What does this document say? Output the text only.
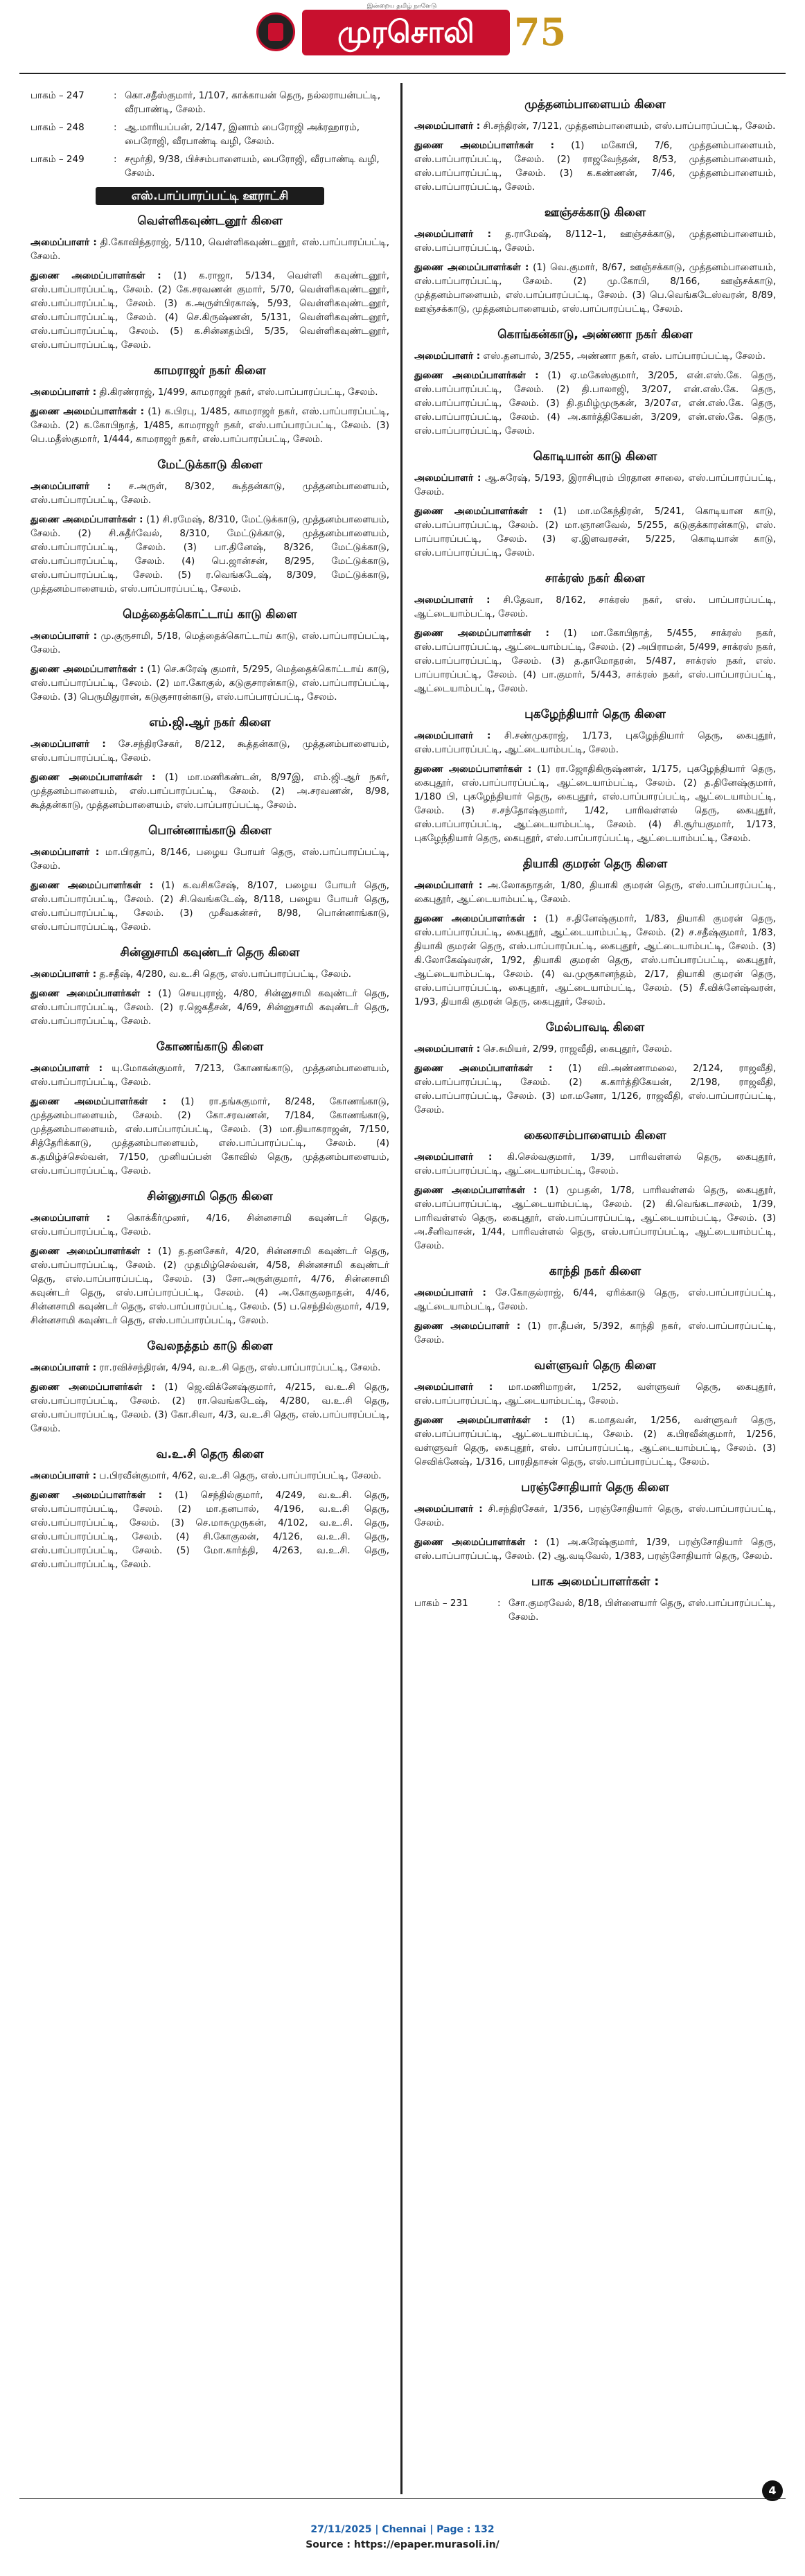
இன்றைய தமிழ் நாளேடு
முரசொலி	75
பாகம் – 247	: கொ.சதீஸ்குமார், 1/107, காக்காயன் தெரு, நல்லராயன்பட்டி, வீரபாண்டி, சேலம்.
பாகம் – 248	: ஆ.மாரியப்பன், 2/147, இனாம் பைரோஜி அக்ரஹாரம், பைரோஜி, வீரபாண்டி வழி, சேலம்.
பாகம் – 249	: சமூர்தி, 9/38, பிச்சம்பாளையம், பைரோஜி, வீரபாண்டி வழி, சேலம்.
எஸ்.பாப்பாரப்பட்டி ஊராட்சி
வெள்ளிகவுண்டனூர் கிளை
அமைப்பாளர் : தி.கோவிந்தராஜ், 5/110, வெள்ளிகவுண்டனூர், எஸ்.பாப்பாரப்பட்டி, சேலம்.
துணை அமைப்பாளர்கள் : (1) க.ராஜா, 5/134, வெள்ளி கவுண்டனூர், எஸ்.பாப்பாரப்பட்டி, சேலம். (2) கே.சரவணன் குமார், 5/70, வெள்ளிகவுண்டனூர், எஸ்.பாப்பாரப்பட்டி, சேலம். (3) க.அருள்பிரகாஷ், 5/93, வெள்ளிகவுண்டனூர், எஸ்.பாப்பாரப்பட்டி, சேலம். (4) செ.கிருஷ்ணன், 5/131, வெள்ளிகவுண்டனூர், எஸ்.பாப்பாரப்பட்டி, சேலம். (5) க.சின்னதம்பி, 5/35, வெள்ளிகவுண்டனூர், எஸ்.பாப்பாரப்பட்டி, சேலம்.
காமராஜர் நகர் கிளை
அமைப்பாளர் : தி.கிரண்ராஜ், 1/499, காமராஜர் நகர், எஸ்.பாப்பாரப்பட்டி, சேலம்.
துணை அமைப்பாளர்கள் : (1) க.பிரபு, 1/485, காமராஜர் நகர், எஸ்.பாப்பாரப்பட்டி, சேலம். (2) க.கோபிநாத், 1/485, காமராஜர் நகர், எஸ்.பாப்பாரப்பட்டி, சேலம். (3) பெ.மதீஸ்குமார், 1/444, காமராஜர் நகர், எஸ்.பாப்பாரப்பட்டி, சேலம்.
மேட்டுக்காடு கிளை
அமைப்பாளர் : ச.அருள், 8/302, கூத்தன்காடு, முத்தனம்பாளையம், எஸ்.பாப்பாரப்பட்டி, சேலம்.
துணை அமைப்பாளர்கள் : (1) சி.ரமேஷ், 8/310, மேட்டுக்காடு, முத்தனம்பாளையம், சேலம். (2) சி.சுதீர்வேல், 8/310, மேட்டுக்காடு, முத்தனம்பாளையம், எஸ்.பாப்பாரப்பட்டி, சேலம். (3) பா.தினேஷ், 8/326, மேட்டுக்காடு, எஸ்.பாப்பாரப்பட்டி, சேலம். (4) பெ.ஜான்சன், 8/295, மேட்டுக்காடு, எஸ்.பாப்பாரப்பட்டி, சேலம். (5) ர.வெங்கடேஷ், 8/309, மேட்டுக்காடு, முத்தனம்பாளையம், எஸ்.பாப்பாரப்பட்டி, சேலம்.
மெத்தைக்கொட்டாய் காடு கிளை
அமைப்பாளர் : மு.குருசாமி, 5/18, மெத்தைக்கொட்டாய் காடு, எஸ்.பாப்பாரப்பட்டி, சேலம்.
துணை அமைப்பாளர்கள் : (1) செ.சுரேஷ் குமார், 5/295, மெத்தைக்கொட்டாய் காடு, எஸ்.பாப்பாரப்பட்டி, சேலம். (2) மா.கோகுல், கடுகுசாரன்காடு, எஸ்.பாப்பாரப்பட்டி, சேலம். (3) பெருமிதுரான், கடுகுசாரன்காடு, எஸ்.பாப்பாரப்பட்டி, சேலம்.
எம்.ஜி.ஆர் நகர் கிளை
அமைப்பாளர் : சே.சந்திரசேகர், 8/212, கூத்தன்காடு, முத்தனம்பாளையம், எஸ்.பாப்பாரப்பட்டி, சேலம்.
துணை அமைப்பாளர்கள் : (1) மா.மணிகண்டன், 8/97இ, எம்.ஜி.ஆர் நகர், முத்தனம்பாளையம், எஸ்.பாப்பாரப்பட்டி, சேலம். (2) அ.சரவணன், 8/98, கூத்தன்காடு, முத்தனம்பாளையம், எஸ்.பாப்பாரப்பட்டி, சேலம்.
பொன்னாங்காடு கிளை
அமைப்பாளர் : மா.பிரதாப், 8/146, பழைய போயர் தெரு, எஸ்.பாப்பாரப்பட்டி, சேலம்.
துணை அமைப்பாளர்கள் : (1) க.வசிகசேஷ், 8/107, பழைய போயர் தெரு, எஸ்.பாப்பாரப்பட்டி, சேலம். (2) சி.வெங்கடேஷ், 8/118, பழைய போயர் தெரு, எஸ்.பாப்பாரப்பட்டி, சேலம். (3) முசீவகன்சர், 8/98, பொன்னாங்காடு, எஸ்.பாப்பாரப்பட்டி, சேலம்.
சின்னுசாமி கவுண்டர் தெரு கிளை
அமைப்பாளர் : த.சதீஷ், 4/280, வ.உ.சி தெரு, எஸ்.பாப்பாரப்பட்டி, சேலம்.
துணை அமைப்பாளர்கள் : (1) செயபுராஜ், 4/80, சின்னுசாமி கவுண்டர் தெரு, எஸ்.பாப்பாரப்பட்டி, சேலம். (2) ர.ஜெகதீசன், 4/69, சின்னுசாமி கவுண்டர் தெரு, எஸ்.பாப்பாரப்பட்டி, சேலம்.
கோணங்காடு கிளை
அமைப்பாளர் : யு.மோகன்குமார், 7/213, கோணங்காடு, முத்தனம்பாளையம், எஸ்.பாப்பாரப்பட்டி, சேலம்.
துணை அமைப்பாளர்கள் : (1) ரா.தங்ககுமார், 8/248, கோணங்காடு, முத்தனம்பாளையம், சேலம். (2) கோ.சரவணன், 7/184, கோணங்காடு, முத்தனம்பாளையம், எஸ்.பாப்பாரப்பட்டி, சேலம். (3) மா.தியாகராஜன், 7/150, சித்தேரிக்காடு, முத்தனம்பாளையம், எஸ்.பாப்பாரப்பட்டி, சேலம். (4) க.தமிழ்ச்செல்வன், 7/150, முனியப்பன் கோவில் தெரு, முத்தனம்பாளையம், எஸ்.பாப்பாரப்பட்டி, சேலம்.
சின்னுசாமி தெரு கிளை
அமைப்பாளர் : கொக்கீர்முனர், 4/16, சின்னசாமி கவுண்டர் தெரு, எஸ்.பாப்பாரப்பட்டி, சேலம்.
துணை அமைப்பாளர்கள் : (1) த.தனசேகர், 4/20, சின்னசாமி கவுண்டர் தெரு, எஸ்.பாப்பாரப்பட்டி, சேலம். (2) முதமிழ்செல்வன், 4/58, சின்னசாமி கவுண்டர் தெரு, எஸ்.பாப்பாரப்பட்டி, சேலம். (3) சோ.அருள்குமார், 4/76, சின்னசாமி கவுண்டர் தெரு, எஸ்.பாப்பாரப்பட்டி, சேலம். (4) அ.கோகுலநாதன், 4/46, சின்னசாமி கவுண்டர் தெரு, எஸ்.பாப்பாரப்பட்டி, சேலம். (5) ப.செந்தில்குமார், 4/19, சின்னசாமி கவுண்டர் தெரு, எஸ்.பாப்பாரப்பட்டி, சேலம்.
வேலநத்தம் காடு கிளை
அமைப்பாளர் : ரா.ரவிச்சந்திரன், 4/94, வ.உ.சி தெரு, எஸ்.பாப்பாரப்பட்டி, சேலம்.
துணை அமைப்பாளர்கள் : (1) ஜெ.விக்னேஷ்குமார், 4/215, வ.உ.சி தெரு, எஸ்.பாப்பாரப்பட்டி, சேலம். (2) ரா.வெங்கடேஷ், 4/280, வ.உ.சி தெரு, எஸ்.பாப்பாரப்பட்டி, சேலம். (3) கோ.சிவா, 4/3, வ.உ.சி தெரு, எஸ்.பாப்பாரப்பட்டி, சேலம்.
வ.உ.சி தெரு கிளை
அமைப்பாளர் : ப.பிரவீன்குமார், 4/62, வ.உ.சி தெரு, எஸ்.பாப்பாரப்பட்டி, சேலம்.
துணை அமைப்பாளர்கள் : (1) செந்தில்குமார், 4/249, வ.உ.சி. தெரு, எஸ்.பாப்பாரப்பட்டி, சேலம். (2) மா.தனபால், 4/196, வ.உ.சி தெரு, எஸ்.பாப்பாரப்பட்டி, சேலம். (3) செ.மாசுமுருகன், 4/102, வ.உ.சி. தெரு, எஸ்.பாப்பாரப்பட்டி, சேலம். (4) சி.கோகுலன், 4/126, வ.உ.சி. தெரு, எஸ்.பாப்பாரப்பட்டி, சேலம். (5) மோ.கார்த்தி, 4/263, வ.உ.சி. தெரு, எஸ்.பாப்பாரப்பட்டி, சேலம்.
முத்தனம்பாளையம் கிளை
அமைப்பாளர் : சி.சந்திரன், 7/121, முத்தனம்பாளையம், எஸ்.பாப்பாரப்பட்டி, சேலம்.
துணை அமைப்பாளர்கள் : (1) மகோபி, 7/6, முத்தனம்பாளையம், எஸ்.பாப்பாரப்பட்டி, சேலம். (2) ராஜவேந்தன், 8/53, முத்தனம்பாளையம், எஸ்.பாப்பாரப்பட்டி, சேலம். (3) க.கண்ணன், 7/46, முத்தனம்பாளையம், எஸ்.பாப்பாரப்பட்டி, சேலம்.
ஊஞ்சக்காடு கிளை
அமைப்பாளர் : த.ராமேஷ், 8/112–1, ஊஞ்சக்காடு, முத்தனம்பாளையம், எஸ்.பாப்பாரப்பட்டி, சேலம்.
துணை அமைப்பாளர்கள் : (1) வெ.குமார், 8/67, ஊஞ்சக்காடு, முத்தனம்பாளையம், எஸ்.பாப்பாரப்பட்டி, சேலம். (2) மு.கோபி, 8/166, ஊஞ்சக்காடு, முத்தனம்பாளையம், எஸ்.பாப்பாரப்பட்டி, சேலம். (3) பெ.வெங்கடேஸ்வரன், 8/89, ஊஞ்சக்காடு, முத்தனம்பாளையம், எஸ்.பாப்பாரப்பட்டி, சேலம்.
கொங்கன்காடு, அண்ணா நகர் கிளை
அமைப்பாளர் : எஸ்.தனபால், 3/255, அண்ணா நகர், எஸ். பாப்பாரப்பட்டி, சேலம்.
துணை அமைப்பாளர்கள் : (1) ஏ.மகேஸ்குமார், 3/205, என்.எஸ்.கே. தெரு, எஸ்.பாப்பாரப்பட்டி, சேலம். (2) தி.பாலாஜி, 3/207, என்.எஸ்.கே. தெரு, எஸ்.பாப்பாரப்பட்டி, சேலம். (3) தி.தமிழ்முருகன், 3/207எ, என்.எஸ்.கே. தெரு, எஸ்.பாப்பாரப்பட்டி, சேலம். (4) அ.கார்த்திகேயன், 3/209, என்.எஸ்.கே. தெரு, எஸ்.பாப்பாரப்பட்டி, சேலம்.
கொடியான் காடு கிளை
அமைப்பாளர் : ஆ.சுரேஷ், 5/193, இராசிபுரம் பிரதான சாலை, எஸ்.பாப்பாரப்பட்டி, சேலம்.
துணை அமைப்பாளர்கள் : (1) மா.மகேந்திரன், 5/241, கொடியான காடு, எஸ்.பாப்பாரப்பட்டி, சேலம். (2) மா.ஞானவேல், 5/255, கடுகுக்காரன்காடு, எஸ். பாப்பாரப்பட்டி, சேலம். (3) ஏ.இளவரசன், 5/225, கொடியான் காடு, எஸ்.பாப்பாரப்பட்டி, சேலம்.
சாக்ரஸ் நகர் கிளை
அமைப்பாளர் : சி.தேவா, 8/162, சாக்ரஸ் நகர், எஸ். பாப்பாரப்பட்டி, ஆட்டையாம்பட்டி, சேலம்.
துணை அமைப்பாளர்கள் : (1) மா.கோபிநாத், 5/455, சாக்ரஸ் நகர், எஸ்.பாப்பாரப்பட்டி, ஆட்டையாம்பட்டி, சேலம். (2) அபிராமன், 5/499, சாக்ரஸ் நகர், எஸ்.பாப்பாரப்பட்டி, சேலம். (3) த.தாமோதரன், 5/487, சாக்ரஸ் நகர், எஸ். பாப்பாரப்பட்டி, சேலம். (4) பா.குமார், 5/443, சாக்ரஸ் நகர், எஸ்.பாப்பாரப்பட்டி, ஆட்டையாம்பட்டி, சேலம்.
புகழேந்தியார் தெரு கிளை
அமைப்பாளர் : சி.சண்முகராஜ், 1/173, புகழேந்தியார் தெரு, கைபுதூர், எஸ்.பாப்பாரப்பட்டி, ஆட்டையாம்பட்டி, சேலம்.
துணை அமைப்பாளர்கள் : (1) ரா.ஜோதிகிருஷ்ணன், 1/175, புகழேந்தியார் தெரு, கைபுதூர், எஸ்.பாப்பாரப்பட்டி, ஆட்டையாம்பட்டி, சேலம். (2) த.தினேஷ்குமார், 1/180 பி, புகழேந்தியார் தெரு, கைபுதூர், எஸ்.பாப்பாரப்பட்டி, ஆட்டையாம்பட்டி, சேலம். (3) ச.சந்தோஷ்குமார், 1/42, பாரிவள்ளல் தெரு, கைபுதூர், எஸ்.பாப்பாரப்பட்டி, ஆட்டையாம்பட்டி, சேலம். (4) சி.சூர்யகுமார், 1/173, புகழேந்தியார் தெரு, கைபுதூர், எஸ்.பாப்பாரப்பட்டி, ஆட்டையாம்பட்டி, சேலம்.
தியாகி குமரன் தெரு கிளை
அமைப்பாளர் : அ.லோகநாதன், 1/80, தியாகி குமரன் தெரு, எஸ்.பாப்பாரப்பட்டி, கைபுதூர், ஆட்டையாம்பட்டி, சேலம்.
துணை அமைப்பாளர்கள் : (1) ச.தினேஷ்குமார், 1/83, தியாகி குமரன் தெரு, எஸ்.பாப்பாரப்பட்டி, கைபுதூர், ஆட்டையாம்பட்டி, சேலம். (2) ச.சதீஷ்குமார், 1/83, தியாகி குமரன் தெரு, எஸ்.பாப்பாரப்பட்டி, கைபுதூர், ஆட்டையாம்பட்டி, சேலம். (3) கி.லோகேஷ்வரன், 1/92, தியாகி குமரன் தெரு, எஸ்.பாப்பாரப்பட்டி, கைபுதூர், ஆட்டையாம்பட்டி, சேலம். (4) வ.முருகானந்தம், 2/17, தியாகி குமரன் தெரு, எஸ்.பாப்பாரப்பட்டி, கைபுதூர், ஆட்டையாம்பட்டி, சேலம். (5) சீ.விக்னேஷ்வரன், 1/93, தியாகி குமரன் தெரு, கைபுதூர், சேலம்.
மேல்பாவடி கிளை
அமைப்பாளர் : செ.சுமியர், 2/99, ராஜவீதி, கைபுதூர், சேலம்.
துணை அமைப்பாளர்கள் : (1) வி.அண்ணாமலை, 2/124, ராஜவீதி, எஸ்.பாப்பாரப்பட்டி, சேலம். (2) க.கார்த்திகேயன், 2/198, ராஜவீதி, எஸ்.பாப்பாரப்பட்டி, சேலம். (3) மா.மனோ, 1/126, ராஜவீதி, எஸ்.பாப்பாரப்பட்டி, சேலம்.
கைலாசம்பாளையம் கிளை
அமைப்பாளர் : கி.செல்வகுமார், 1/39, பாரிவள்ளல் தெரு, கைபுதூர், எஸ்.பாப்பாரப்பட்டி, ஆட்டையாம்பட்டி, சேலம்.
துணை அமைப்பாளர்கள் : (1) முபதன், 1/78, பாரிவள்ளல் தெரு, கைபுதூர், எஸ்.பாப்பாரப்பட்டி, ஆட்டையாம்பட்டி, சேலம். (2) கி.வெங்கடாசலம், 1/39, பாரிவள்ளல் தெரு, கைபுதூர், எஸ்.பாப்பாரப்பட்டி, ஆட்டையாம்பட்டி, சேலம். (3) அ.சீனிவாசன், 1/44, பாரிவள்ளல் தெரு, எஸ்.பாப்பாரப்பட்டி, ஆட்டையாம்பட்டி, சேலம்.
காந்தி நகர் கிளை
அமைப்பாளர் : சே.கோகுல்ராஜ், 6/44, ஏரிக்காடு தெரு, எஸ்.பாப்பாரப்பட்டி, ஆட்டையாம்பட்டி, சேலம்.
துணை அமைப்பாளர் : (1) ரா.தீபன், 5/392, காந்தி நகர், எஸ்.பாப்பாரப்பட்டி, சேலம்.
வள்ளுவர் தெரு கிளை
அமைப்பாளர் : மா.மணிமாறன், 1/252, வள்ளுவர் தெரு, கைபுதூர், எஸ்.பாப்பாரப்பட்டி, ஆட்டையாம்பட்டி, சேலம்.
துணை அமைப்பாளர்கள் : (1) க.மாதவன், 1/256, வள்ளுவர் தெரு, எஸ்.பாப்பாரப்பட்டி, ஆட்டையாம்பட்டி, சேலம். (2) க.பிரவீன்குமார், 1/256, வள்ளுவர் தெரு, கைபுதூர், எஸ். பாப்பாரப்பட்டி, ஆட்டையாம்பட்டி, சேலம். (3) செவிக்னேஷ், 1/316, பாரதிதாசன் தெரு, எஸ்.பாப்பாரப்பட்டி, சேலம்.
பரஞ்சோதியார் தெரு கிளை
அமைப்பாளர் : சி.சந்திரசேகர், 1/356, பரஞ்சோதியார் தெரு, எஸ்.பாப்பாரப்பட்டி, சேலம்.
துணை அமைப்பாளர்கள் : (1) அ.சுரேஷ்குமார், 1/39, பரஞ்சோதியார் தெரு, எஸ்.பாப்பாரப்பட்டி, சேலம். (2) ஆ.வடிவேல், 1/383, பரஞ்சோதியார் தெரு, சேலம்.
பாக அமைப்பாளர்கள் :
பாகம் – 231	: சோ.குமரவேல், 8/18, பிள்ளையார் தெரு, எஸ்.பாப்பாரப்பட்டி, சேலம்.
4
27/11/2025 | Chennai | Page : 132
Source : https://epaper.murasoli.in/
